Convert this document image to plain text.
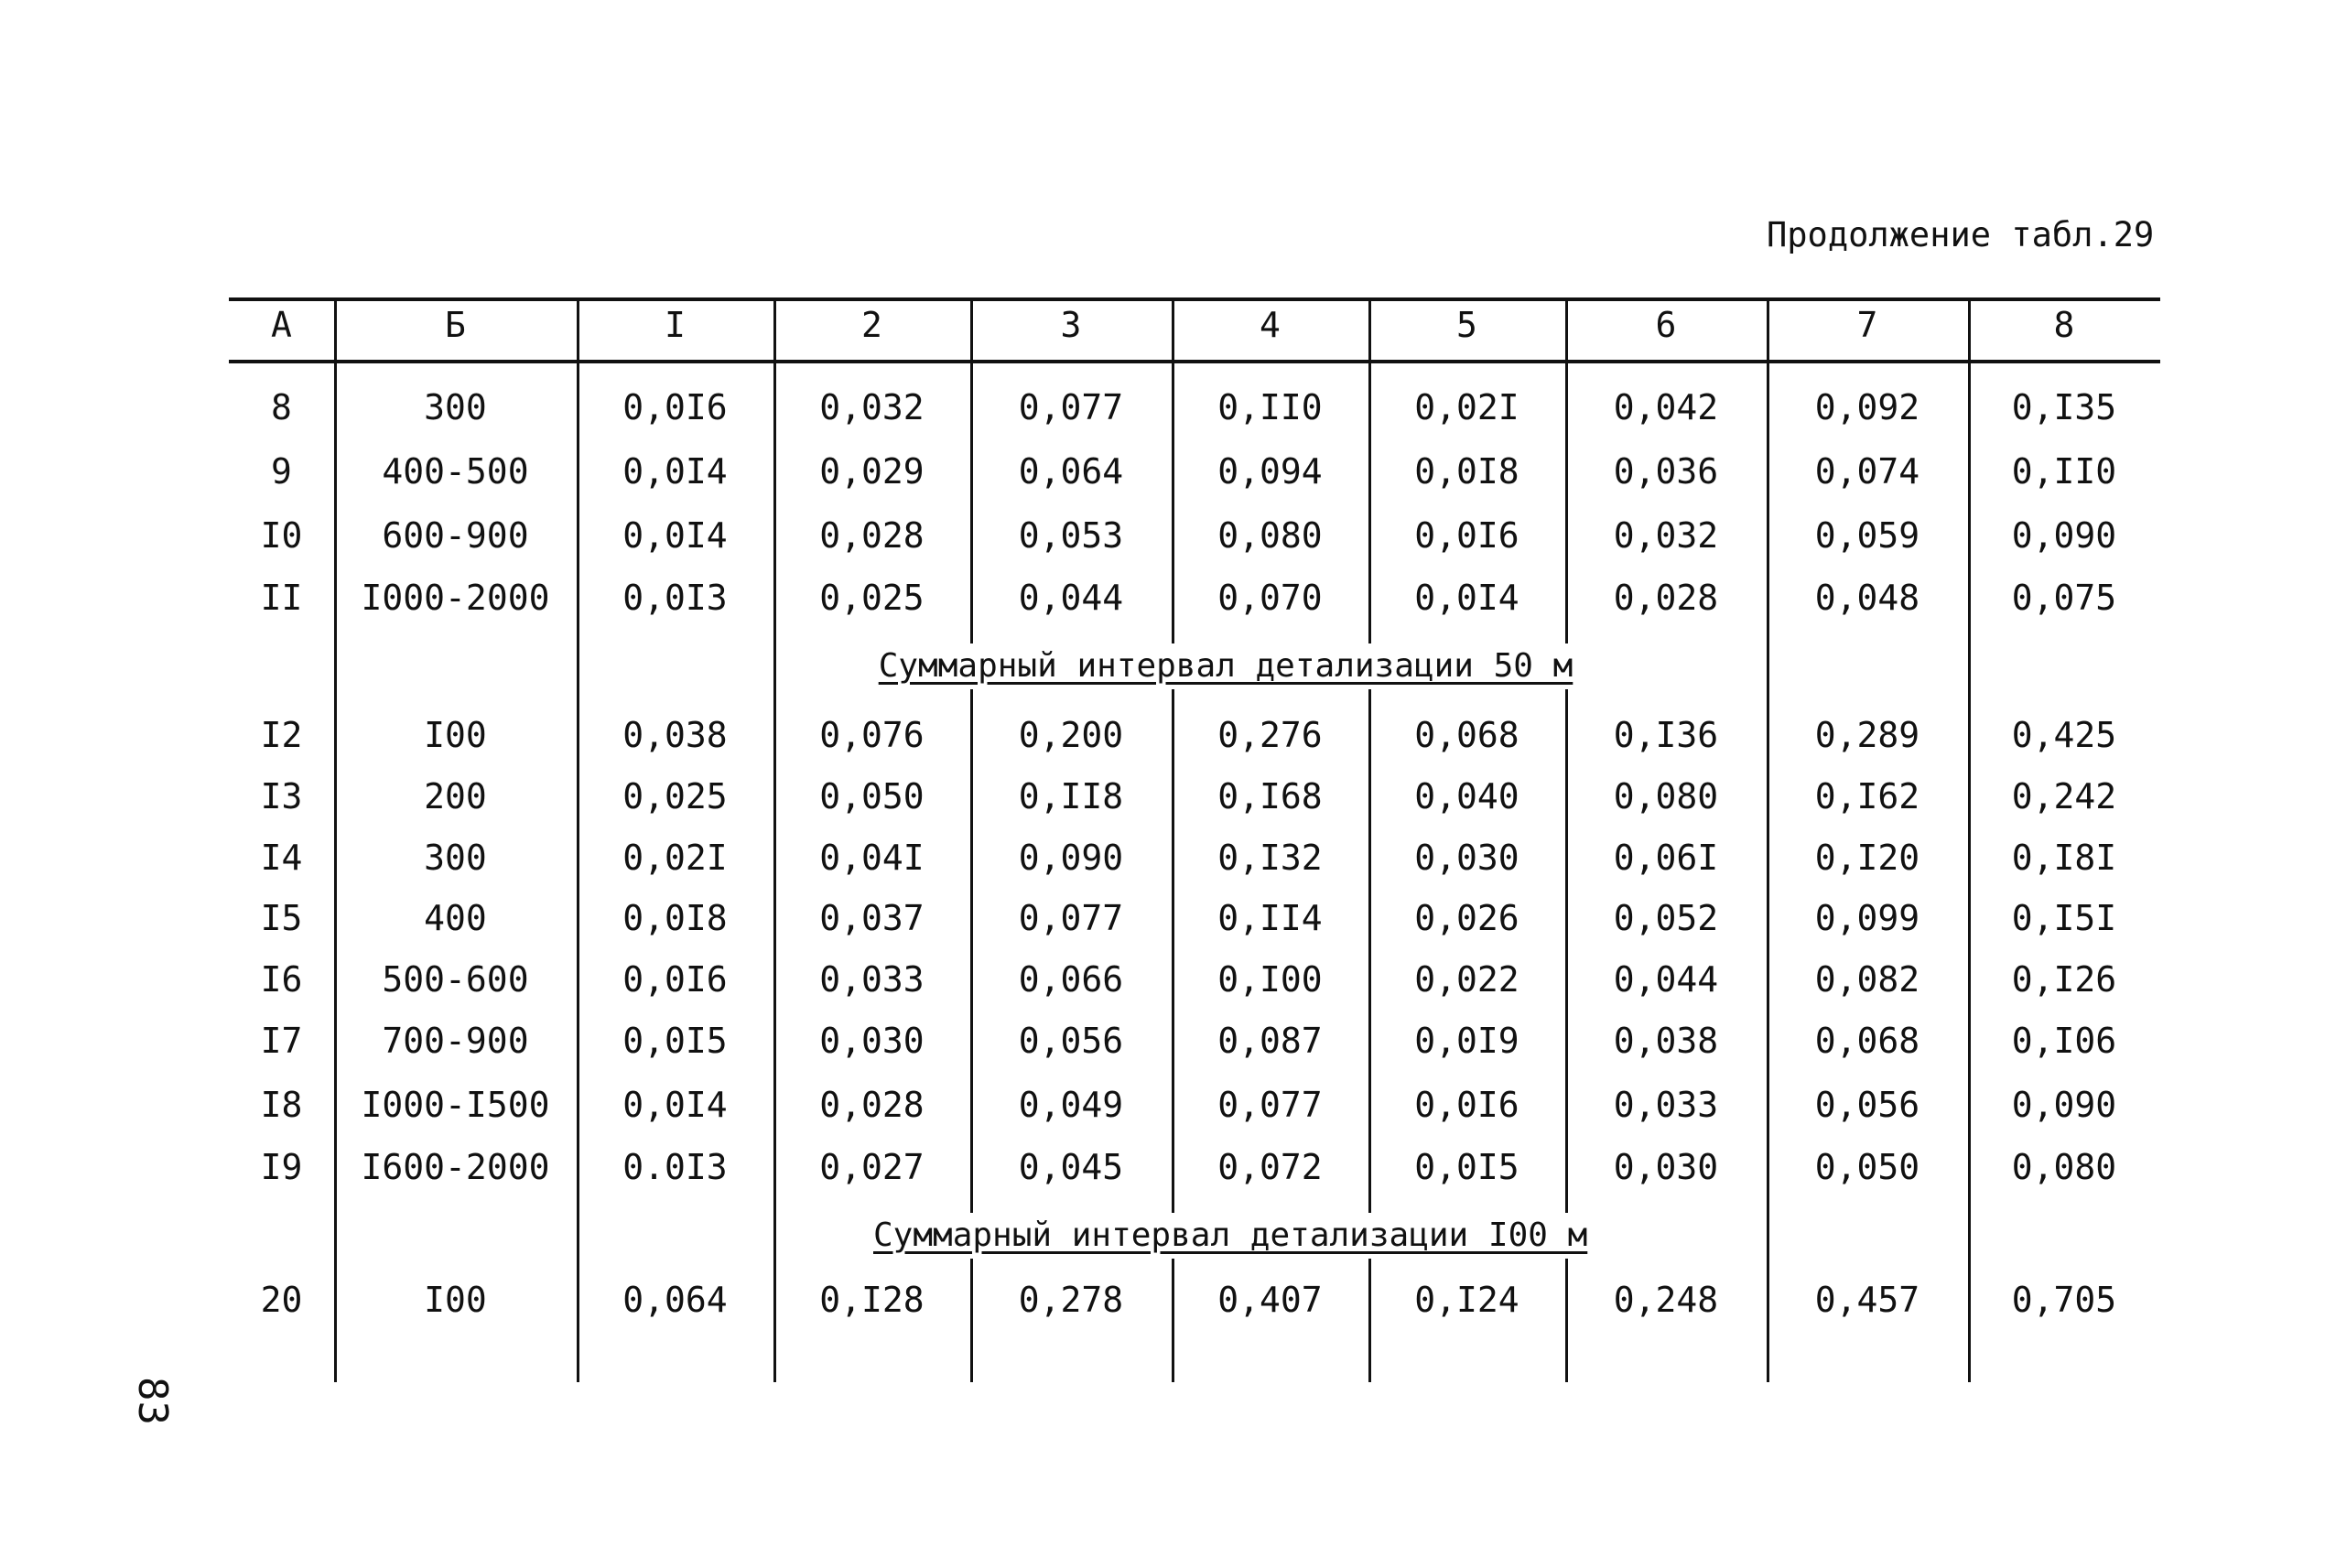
Продолжение табл.29
83
А	Б	I	2	3	4	5	6	7	8
8	300	0,0I6	0,032	0,077	0,II0	0,02I	0,042	0,092	0,I35
9	400-500	0,0I4	0,029	0,064	0,094	0,0I8	0,036	0,074	0,II0
I0	600-900	0,0I4	0,028	0,053	0,080	0,0I6	0,032	0,059	0,090
II	I000-2000	0,0I3	0,025	0,044	0,070	0,0I4	0,028	0,048	0,075
I2	I00	0,038	0,076	0,200	0,276	0,068	0,I36	0,289	0,425
I3	200	0,025	0,050	0,II8	0,I68	0,040	0,080	0,I62	0,242
I4	300	0,02I	0,04I	0,090	0,I32	0,030	0,06I	0,I20	0,I8I
I5	400	0,0I8	0,037	0,077	0,II4	0,026	0,052	0,099	0,I5I
I6	500-600	0,0I6	0,033	0,066	0,I00	0,022	0,044	0,082	0,I26
I7	700-900	0,0I5	0,030	0,056	0,087	0,0I9	0,038	0,068	0,I06
I8	I000-I500	0,0I4	0,028	0,049	0,077	0,0I6	0,033	0,056	0,090
I9	I600-2000	0.0I3	0,027	0,045	0,072	0,0I5	0,030	0,050	0,080
20	I00	0,064	0,I28	0,278	0,407	0,I24	0,248	0,457	0,705
Суммарный интервал детализации 50 м
Суммарный интервал детализации I00 м
